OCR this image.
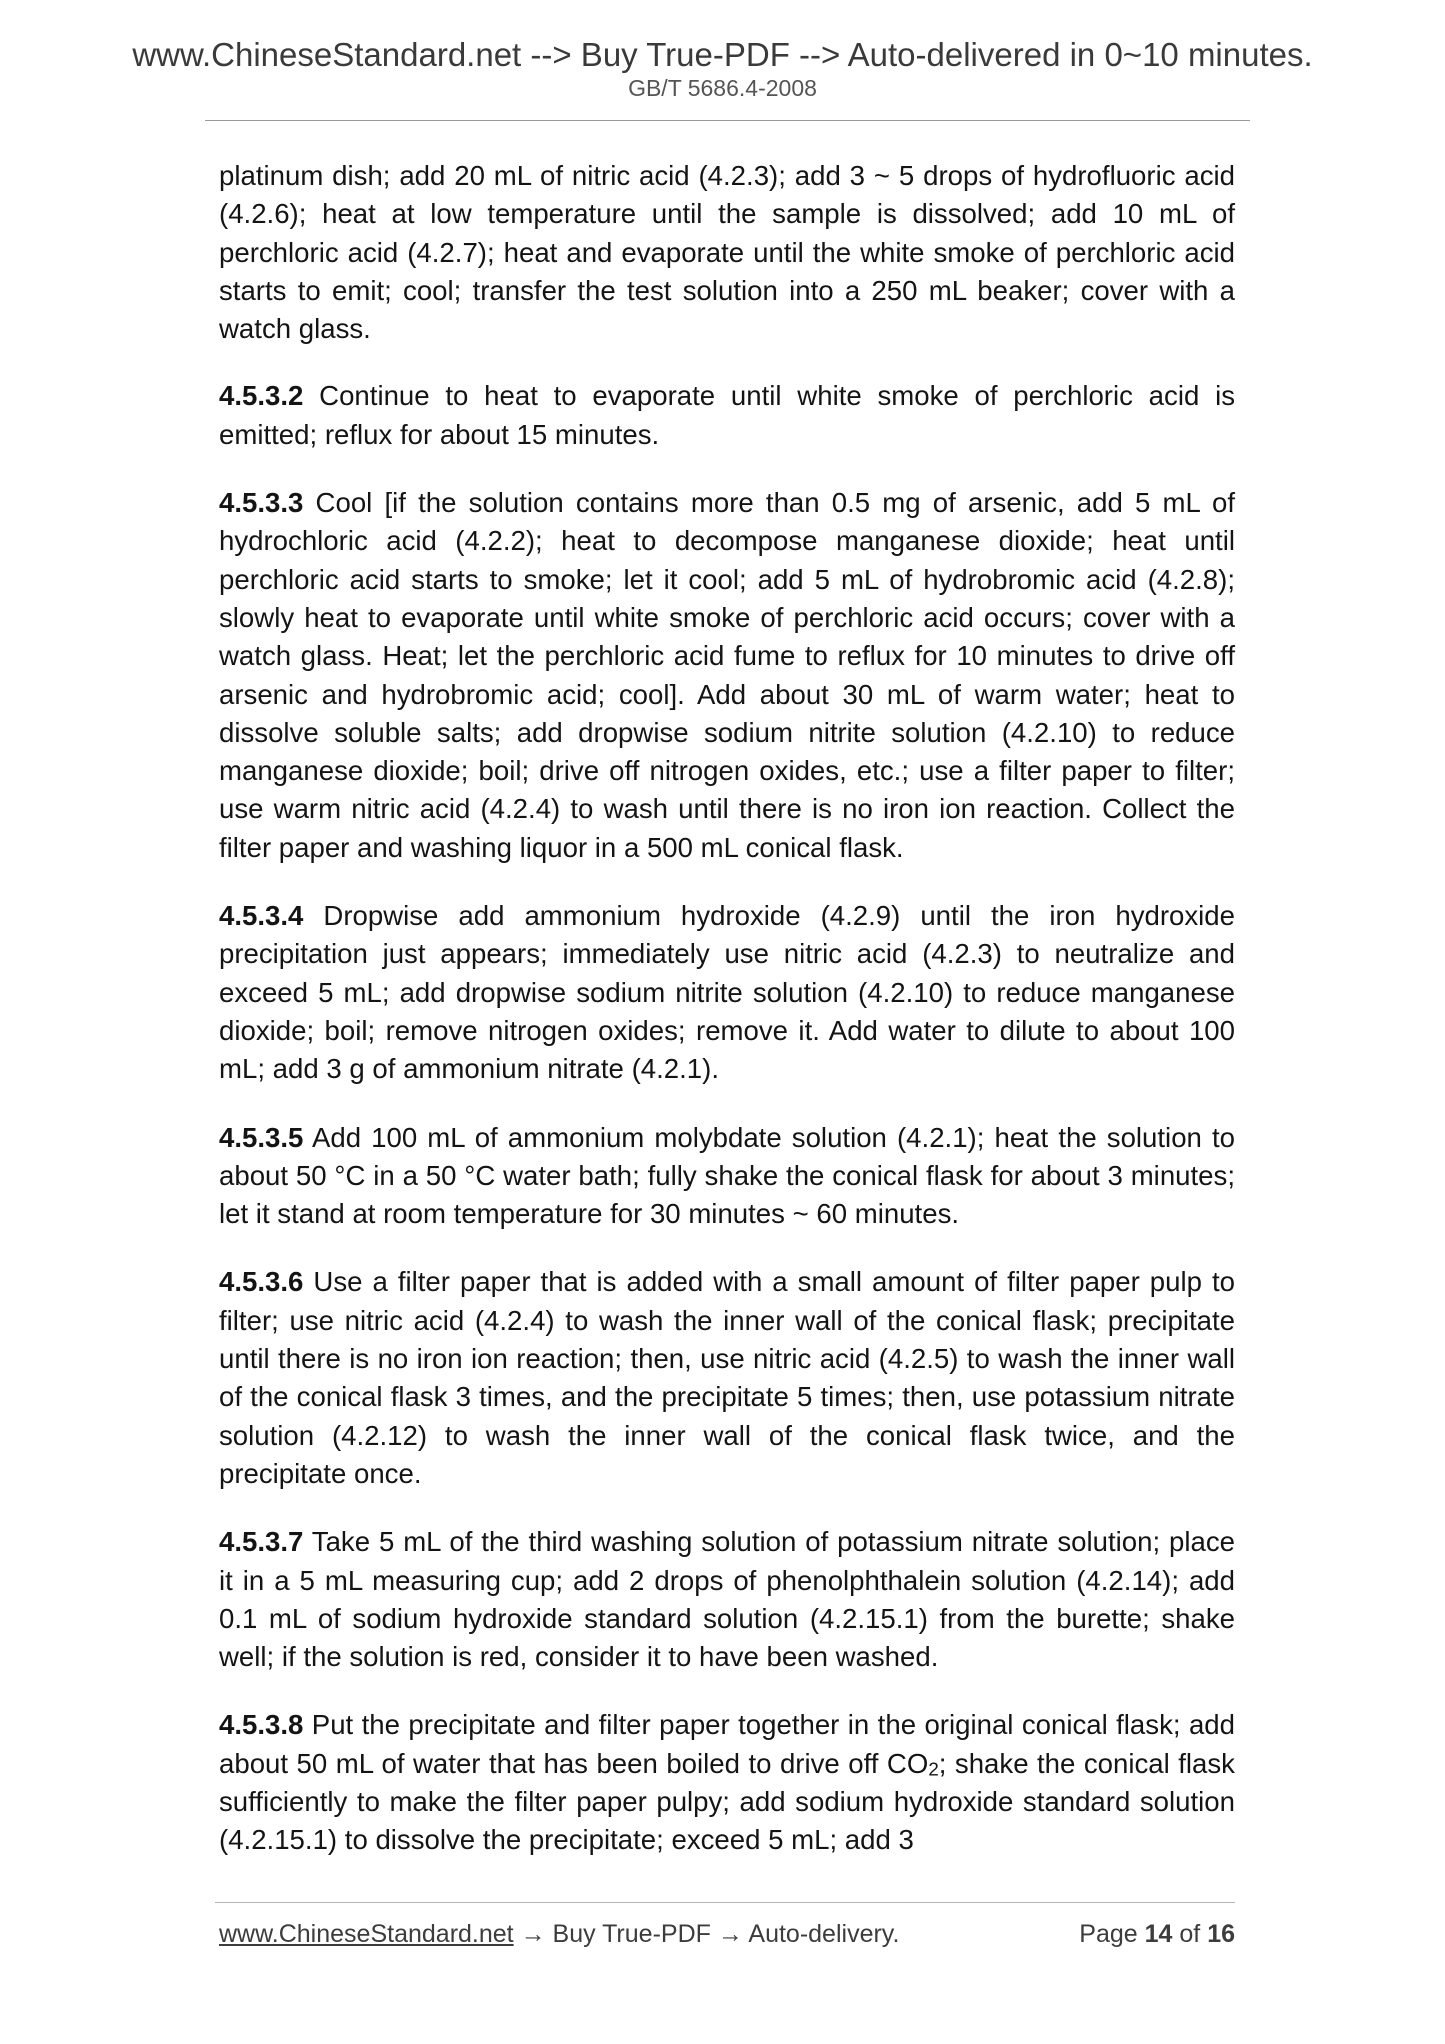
www.ChineseStandard.net --> Buy True-PDF --> Auto-delivered in 0~10 minutes.
GB/T 5686.4-2008

platinum dish; add 20 mL of nitric acid (4.2.3); add 3 ~ 5 drops of hydrofluoric acid (4.2.6); heat at low temperature until the sample is dissolved; add 10 mL of perchloric acid (4.2.7); heat and evaporate until the white smoke of perchloric acid starts to emit; cool; transfer the test solution into a 250 mL beaker; cover with a watch glass.

4.5.3.2 Continue to heat to evaporate until white smoke of perchloric acid is emitted; reflux for about 15 minutes.

4.5.3.3 Cool [if the solution contains more than 0.5 mg of arsenic, add 5 mL of hydrochloric acid (4.2.2); heat to decompose manganese dioxide; heat until perchloric acid starts to smoke; let it cool; add 5 mL of hydrobromic acid (4.2.8); slowly heat to evaporate until white smoke of perchloric acid occurs; cover with a watch glass. Heat; let the perchloric acid fume to reflux for 10 minutes to drive off arsenic and hydrobromic acid; cool]. Add about 30 mL of warm water; heat to dissolve soluble salts; add dropwise sodium nitrite solution (4.2.10) to reduce manganese dioxide; boil; drive off nitrogen oxides, etc.; use a filter paper to filter; use warm nitric acid (4.2.4) to wash until there is no iron ion reaction. Collect the filter paper and washing liquor in a 500 mL conical flask.

4.5.3.4 Dropwise add ammonium hydroxide (4.2.9) until the iron hydroxide precipitation just appears; immediately use nitric acid (4.2.3) to neutralize and exceed 5 mL; add dropwise sodium nitrite solution (4.2.10) to reduce manganese dioxide; boil; remove nitrogen oxides; remove it. Add water to dilute to about 100 mL; add 3 g of ammonium nitrate (4.2.1).

4.5.3.5 Add 100 mL of ammonium molybdate solution (4.2.1); heat the solution to about 50 °C in a 50 °C water bath; fully shake the conical flask for about 3 minutes; let it stand at room temperature for 30 minutes ~ 60 minutes.

4.5.3.6 Use a filter paper that is added with a small amount of filter paper pulp to filter; use nitric acid (4.2.4) to wash the inner wall of the conical flask; precipitate until there is no iron ion reaction; then, use nitric acid (4.2.5) to wash the inner wall of the conical flask 3 times, and the precipitate 5 times; then, use potassium nitrate solution (4.2.12) to wash the inner wall of the conical flask twice, and the precipitate once.

4.5.3.7 Take 5 mL of the third washing solution of potassium nitrate solution; place it in a 5 mL measuring cup; add 2 drops of phenolphthalein solution (4.2.14); add 0.1 mL of sodium hydroxide standard solution (4.2.15.1) from the burette; shake well; if the solution is red, consider it to have been washed.

4.5.3.8 Put the precipitate and filter paper together in the original conical flask; add about 50 mL of water that has been boiled to drive off $CO_2$; shake the conical flask sufficiently to make the filter paper pulpy; add sodium hydroxide standard solution (4.2.15.1) to dissolve the precipitate; exceed 5 mL; add 3

www.ChineseStandard.net → Buy True-PDF → Auto-delivery.	Page 14 of 16
